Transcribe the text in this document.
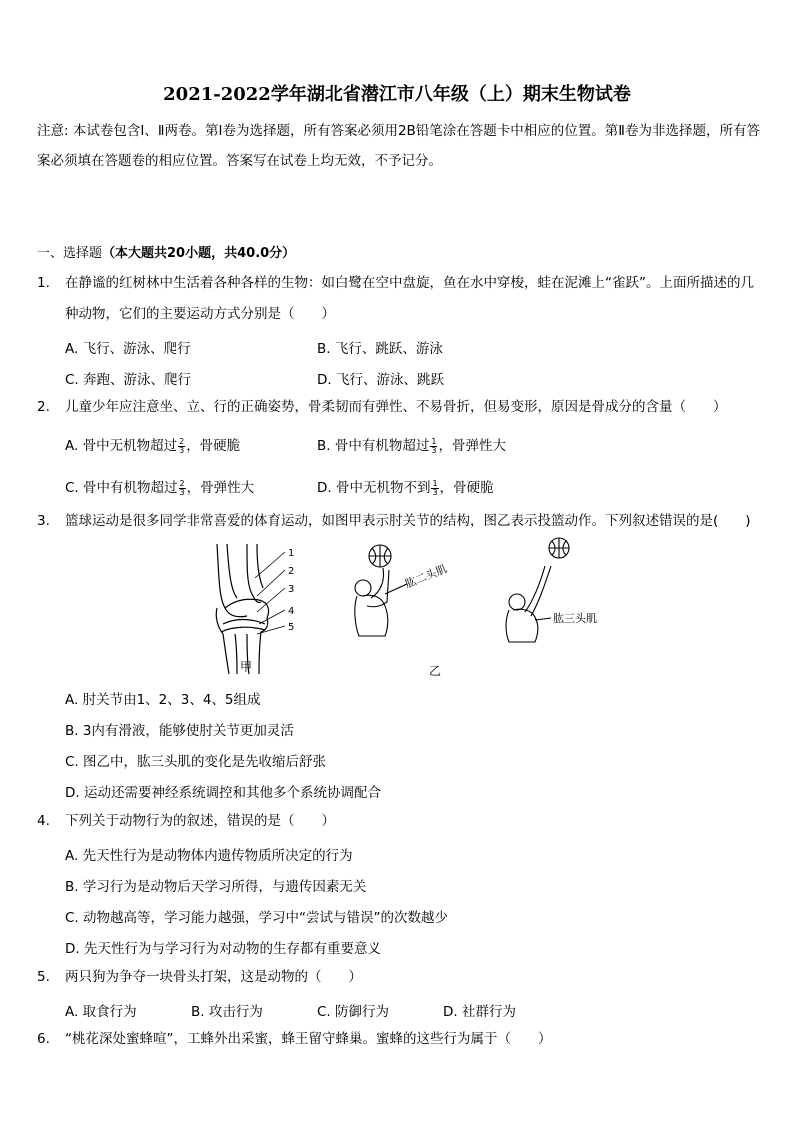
2021-2022学年湖北省潜江市八年级（上）期末生物试卷
注意: 本试卷包含Ⅰ、Ⅱ两卷。第Ⅰ卷为选择题，所有答案必须用2B铅笔涂在答题卡中相应的位置。第Ⅱ卷为非选择题，所有答案必须填在答题卷的相应位置。答案写在试卷上均无效，不予记分。
一、选择题（本大题共20小题，共40.0分）
1. 在静谧的红树林中生活着各种各样的生物：如白鹭在空中盘旋，鱼在水中穿梭，蛙在泥滩上“雀跃”。上面所描述的几种动物，它们的主要运动方式分别是（　　）
A. 飞行、游泳、爬行	B. 飞行、跳跃、游泳
C. 奔跑、游泳、爬行	D. 飞行、游泳、跳跃
2. 儿童少年应注意坐、立、行的正确姿势，骨柔韧而有弹性、不易骨折，但易变形，原因是骨成分的含量（　　）
A. 骨中无机物超过 $\frac{2}{3}$ ，骨硬脆	B. 骨中有机物超过 $\frac{1}{3}$ ，骨弹性大
C. 骨中有机物超过 $\frac{2}{3}$ ，骨弹性大	D. 骨中无机物不到 $\frac{1}{3}$ ，骨硬脆
3. 篮球运动是很多同学非常喜爱的体育运动，如图甲表示肘关节的结构，图乙表示投篮动作。下列叙述错误的是(　　)
1
2
3
4
5
甲
肱二头肌
肱三头肌
乙
A. 肘关节由1、2、3、4、5组成
B. 3内有滑液，能够使肘关节更加灵活
C. 图乙中，肱三头肌的变化是先收缩后舒张
D. 运动还需要神经系统调控和其他多个系统协调配合
4. 下列关于动物行为的叙述，错误的是（　　）
A. 先天性行为是动物体内遗传物质所决定的行为
B. 学习行为是动物后天学习所得，与遗传因素无关
C. 动物越高等，学习能力越强，学习中“尝试与错误”的次数越少
D. 先天性行为与学习行为对动物的生存都有重要意义
5. 两只狗为争夺一块骨头打架，这是动物的（　　）
A. 取食行为	B. 攻击行为	C. 防御行为	D. 社群行为
6. “桃花深处蜜蜂喧”，工蜂外出采蜜，蜂王留守蜂巢。蜜蜂的这些行为属于（　　）
